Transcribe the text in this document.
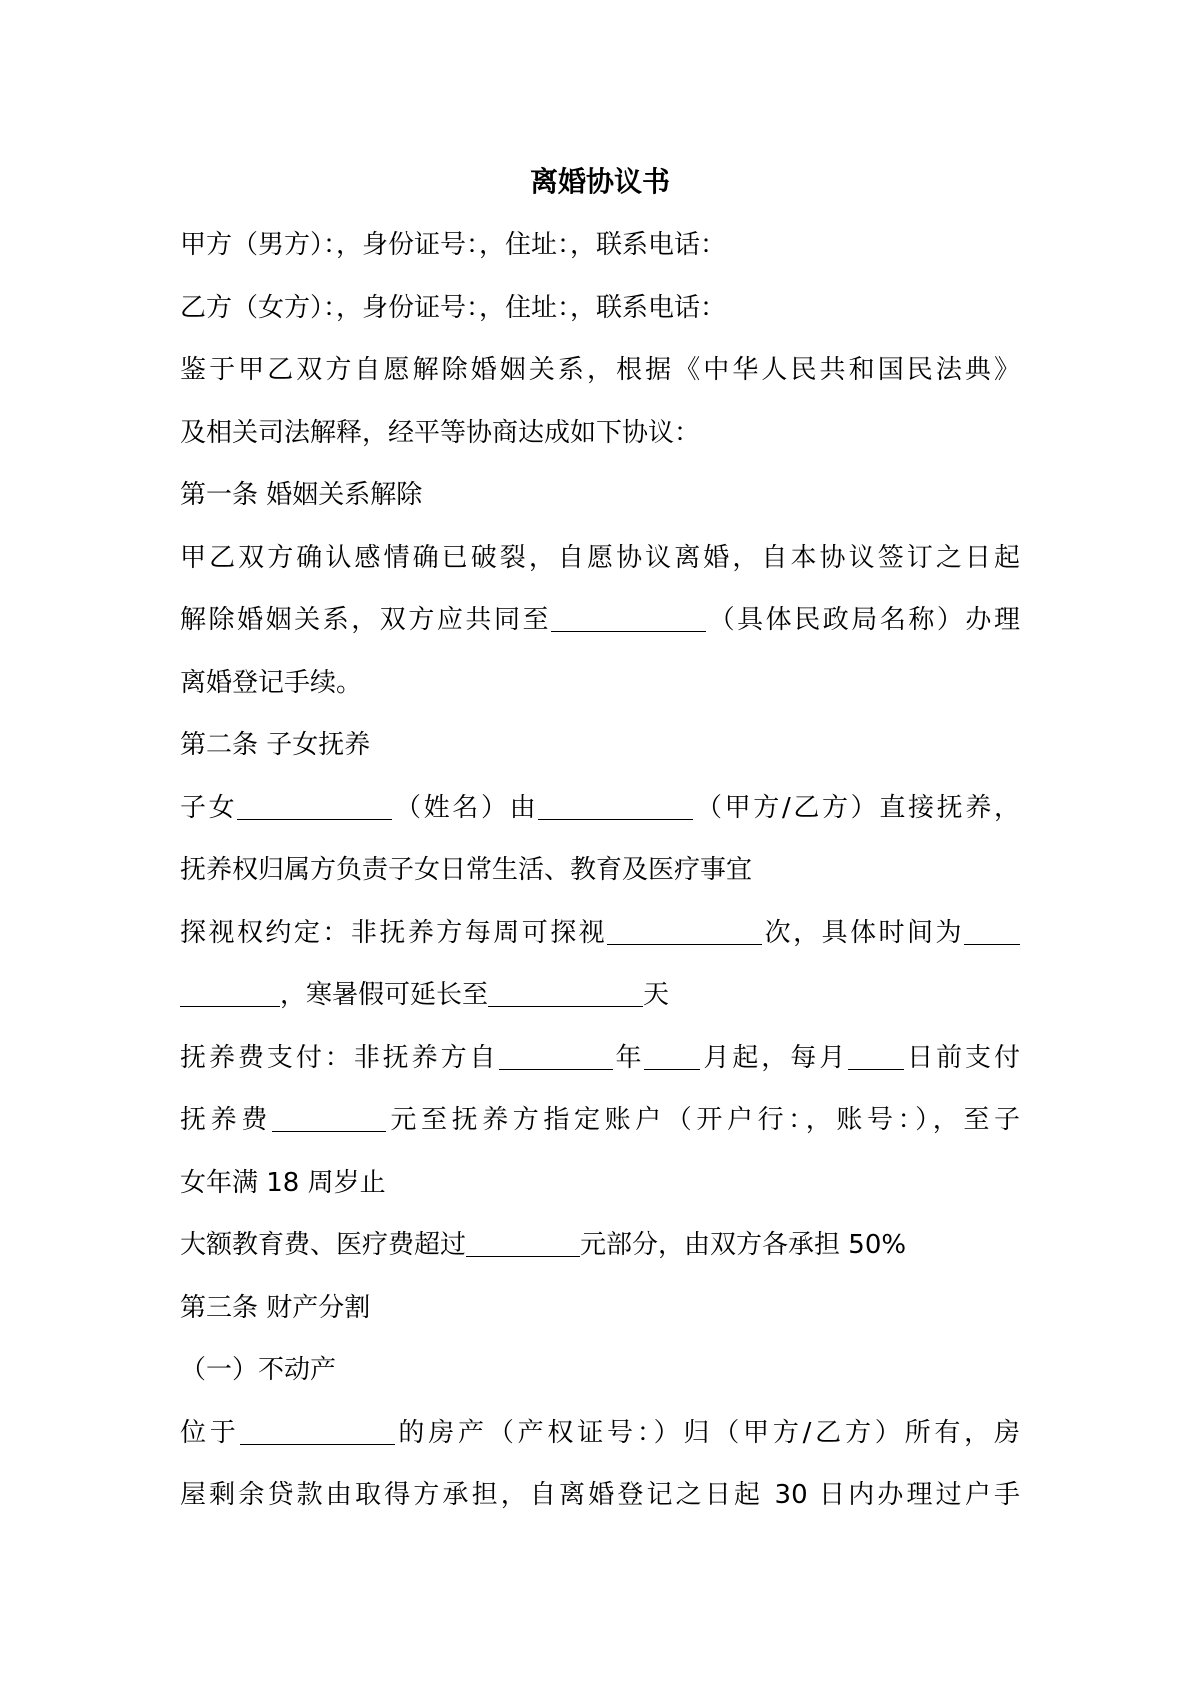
离婚协议书

甲方（男方）：，身份证号：，住址：，联系电话：

乙方（女方）：，身份证号：，住址：，联系电话：

鉴于甲乙双方自愿解除婚姻关系，根据《中华人民共和国民法典》

及相关司法解释，经平等协商达成如下协议：

第一条 婚姻关系解除

甲乙双方确认感情确已破裂，自愿协议离婚，自本协议签订之日起

解除婚姻关系，双方应共同至	（具体民政局名称）办理

离婚登记手续。

第二条 子女抚养

子女	（姓名）由	（甲方/乙方）直接抚养，

抚养权归属方负责子女日常生活、教育及医疗事宜

探视权约定：非抚养方每周可探视	次，具体时间为

，寒暑假可延长至	天

抚养费支付：非抚养方自	年 月起，每月 日前支付

抚养费	元至抚养方指定账户（开户行：，账号：），至子

女年满 18 周岁止

大额教育费、医疗费超过	元部分，由双方各承担 50%

第三条 财产分割

（一）不动产

位于	的房产（产权证号：）归（甲方/乙方）所有，房

屋剩余贷款由取得方承担，自离婚登记之日起 30 日内办理过户手
